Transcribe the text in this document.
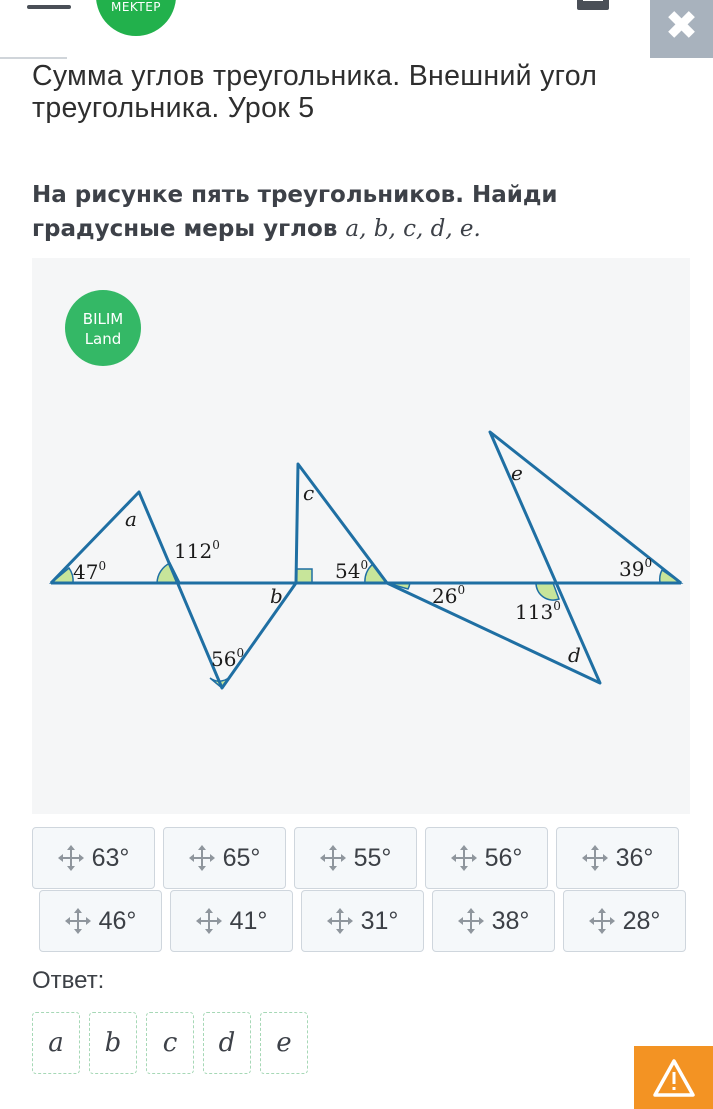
MEKTEP	✖
Сумма углов треугольника. Внешний угол треугольника. Урок 5
На рисунке пять треугольников. Найди градусные меры углов a, b, c, d, e.
BILIM
Land
a
b
c
d
e
$47^0$
$112^0$
$56^0$
$54^0$
$26^0$
$113^0$
$39^0$
63°	65°	55°	56°	36°
46°	41°	31°	38°	28°
Ответ:
a	b	c	d	e
